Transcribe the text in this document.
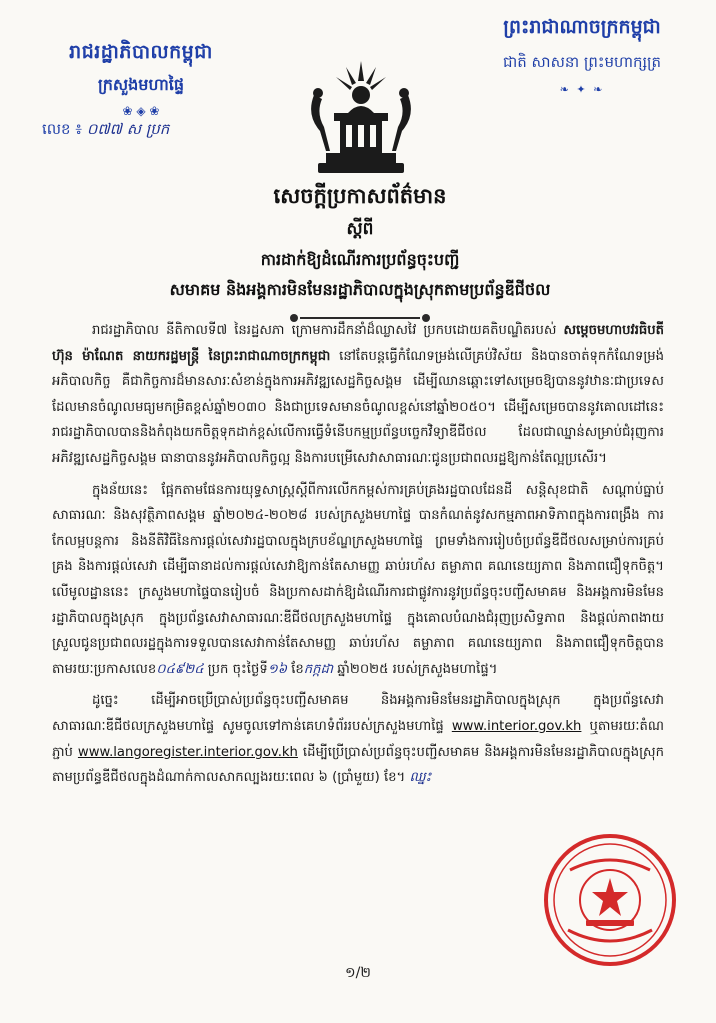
រាជរដ្ឋាភិបាលកម្ពុជា
ក្រសួងមហាផ្ទៃ
❀ ◈ ❀
លេខ ៖ ០៧៧ ស ប្រក
ព្រះរាជាណាចក្រកម្ពុជា
ជាតិ សាសនា ព្រះមហាក្សត្រ
❧ ✦ ❧
សេចក្ដីប្រកាសព័ត៌មាន
ស្ដីពី
ការដាក់ឱ្យដំណើរការប្រព័ន្ធចុះបញ្ជី
សមាគម និងអង្គការមិនមែនរដ្ឋាភិបាលក្នុងស្រុកតាមប្រព័ន្ធឌីជីថល

រាជរដ្ឋាភិបាល នីតិកាលទី៧ នៃរដ្ឋសភា ក្រោមការដឹកនាំដ៏ឈ្លាសវៃ ប្រកបដោយគតិបណ្ឌិតរបស់ សម្ដេចមហាបវរធិបតី ហ៊ុន ម៉ាណែត នាយករដ្ឋមន្ត្រី នៃព្រះរាជាណាចក្រកម្ពុជា នៅតែបន្តធ្វើកំណែទម្រង់លើគ្រប់វិស័យ និងបានចាត់ទុកកំណែទម្រង់អភិបាលកិច្ច គឺជាកិច្ចការដ៏មានសារៈសំខាន់ក្នុងការអភិវឌ្ឍសេដ្ឋកិច្ចសង្គម ដើម្បីឈានឆ្ពោះទៅសម្រេចឱ្យបាននូវឋានៈជាប្រទេសដែលមានចំណូលមធ្យមកម្រិតខ្ពស់ឆ្នាំ២០៣០ និងជាប្រទេសមានចំណូលខ្ពស់នៅឆ្នាំ២០៥០។ ដើម្បីសម្រេចបាននូវគោលដៅនេះ រាជរដ្ឋាភិបាលបាននិងកំពុងយកចិត្តទុកដាក់ខ្ពស់លើការធ្វើទំនើបកម្មប្រព័ន្ធបច្ចេកវិទ្យាឌីជីថល ដែលជាឈ្នាន់សម្រាប់ជំរុញការអភិវឌ្ឍសេដ្ឋកិច្ចសង្គម ធានាបាននូវអភិបាលកិច្ចល្អ និងការបម្រើសេវាសាធារណៈជូនប្រជាពលរដ្ឋឱ្យកាន់តែល្អប្រសើរ។

ក្នុងន័យនេះ ផ្អែកតាមផែនការយុទ្ធសាស្ត្រស្ដីពីការលើកកម្ពស់ការគ្រប់គ្រងរដ្ឋបាលដែនដី សន្តិសុខជាតិ សណ្ដាប់ធ្នាប់សាធារណៈ និងសុវត្ថិភាពសង្គម ឆ្នាំ២០២៤-២០២៨ របស់ក្រសួងមហាផ្ទៃ បានកំណត់នូវសកម្មភាពអាទិភាពក្នុងការពង្រឹង ការកែលម្អបន្តការ និងនីតិវិធីនៃការផ្ដល់សេវារដ្ឋបាលក្នុងក្របខ័ណ្ឌក្រសួងមហាផ្ទៃ ព្រមទាំងការរៀបចំប្រព័ន្ធឌីជីថលសម្រាប់ការគ្រប់គ្រង និងការផ្ដល់សេវា ដើម្បីធានាដល់ការផ្ដល់សេវាឱ្យកាន់តែសាមញ្ញ ឆាប់រហ័ស តម្លាភាព គណនេយ្យភាព និងភាពជឿទុកចិត្ត។ លើមូលដ្ឋាននេះ ក្រសួងមហាផ្ទៃបានរៀបចំ និងប្រកាសដាក់ឱ្យដំណើរការជាផ្លូវការនូវប្រព័ន្ធចុះបញ្ជីសមាគម និងអង្គការមិនមែនរដ្ឋាភិបាលក្នុងស្រុក ក្នុងប្រព័ន្ធសេវាសាធារណៈឌីជីថលក្រសួងមហាផ្ទៃ ក្នុងគោលបំណងជំរុញប្រសិទ្ធភាព និងផ្ដល់ភាពងាយស្រួលជូនប្រជាពលរដ្ឋក្នុងការទទួលបានសេវាកាន់តែសាមញ្ញ ឆាប់រហ័ស តម្លាភាព គណនេយ្យភាព និងភាពជឿទុកចិត្តបាន តាមរយៈប្រកាសលេខ០៤៩២៤ ប្រក ចុះថ្ងៃទី១៦ ខែកក្កដា ឆ្នាំ២០២៥ របស់ក្រសួងមហាផ្ទៃ។

ដូច្នេះ ដើម្បីអាចប្រើប្រាស់ប្រព័ន្ធចុះបញ្ជីសមាគម និងអង្គការមិនមែនរដ្ឋាភិបាលក្នុងស្រុក ក្នុងប្រព័ន្ធសេវាសាធារណៈឌីជីថលក្រសួងមហាផ្ទៃ សូមចូលទៅកាន់គេហទំព័ររបស់ក្រសួងមហាផ្ទៃ www.interior.gov.kh ឬតាមរយៈតំណភ្ជាប់ www.langoregister.interior.gov.kh ដើម្បីប្រើប្រាស់ប្រព័ន្ធចុះបញ្ជីសមាគម និងអង្គការមិនមែនរដ្ឋាភិបាលក្នុងស្រុក តាមប្រព័ន្ធឌីជីថលក្នុងដំណាក់កាលសាកល្បងរយៈពេល ៦ (ប្រាំមួយ) ខែ។ ឈ្នះ

១/២
